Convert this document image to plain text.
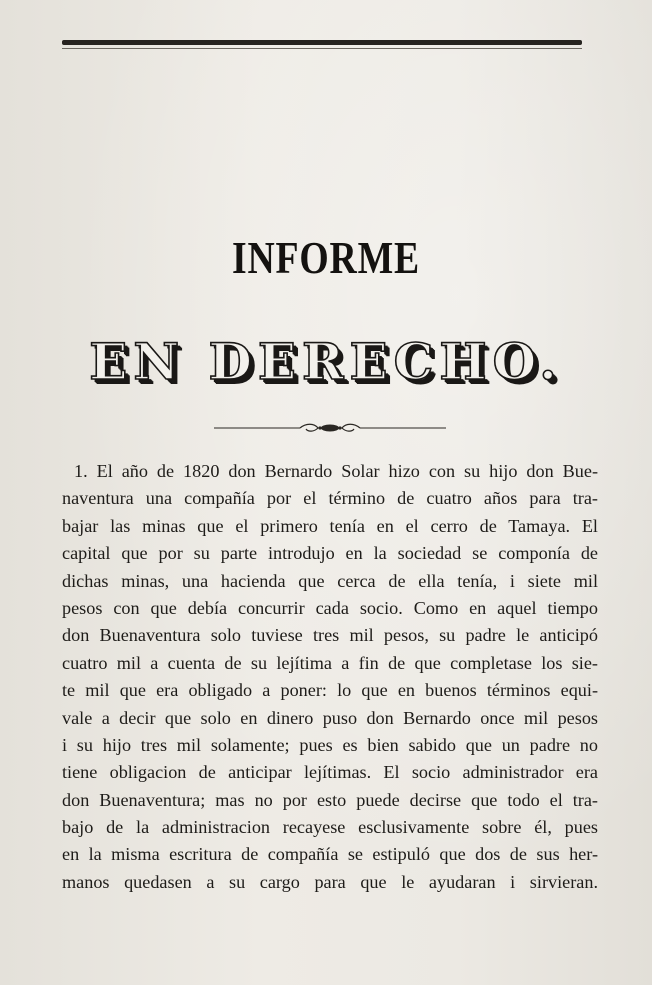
INFORME
EN DERECHO.
1. El año de 1820 don Bernardo Solar hizo con su hijo don Bue-
naventura una compañía por el término de cuatro años para tra-
bajar las minas que el primero tenía en el cerro de Tamaya. El
capital que por su parte introdujo en la sociedad se componía de
dichas minas, una hacienda que cerca de ella tenía, i siete mil
pesos con que debía concurrir cada socio. Como en aquel tiempo
don Buenaventura solo tuviese tres mil pesos, su padre le anticipó
cuatro mil a cuenta de su lejítima a fin de que completase los sie-
te mil que era obligado a poner: lo que en buenos términos equi-
vale a decir que solo en dinero puso don Bernardo once mil pesos
i su hijo tres mil solamente; pues es bien sabido que un padre no
tiene obligacion de anticipar lejítimas. El socio administrador era
don Buenaventura; mas no por esto puede decirse que todo el tra-
bajo de la administracion recayese esclusivamente sobre él, pues
en la misma escritura de compañía se estipuló que dos de sus her-
manos quedasen a su cargo para que le ayudaran i sirvieran.
